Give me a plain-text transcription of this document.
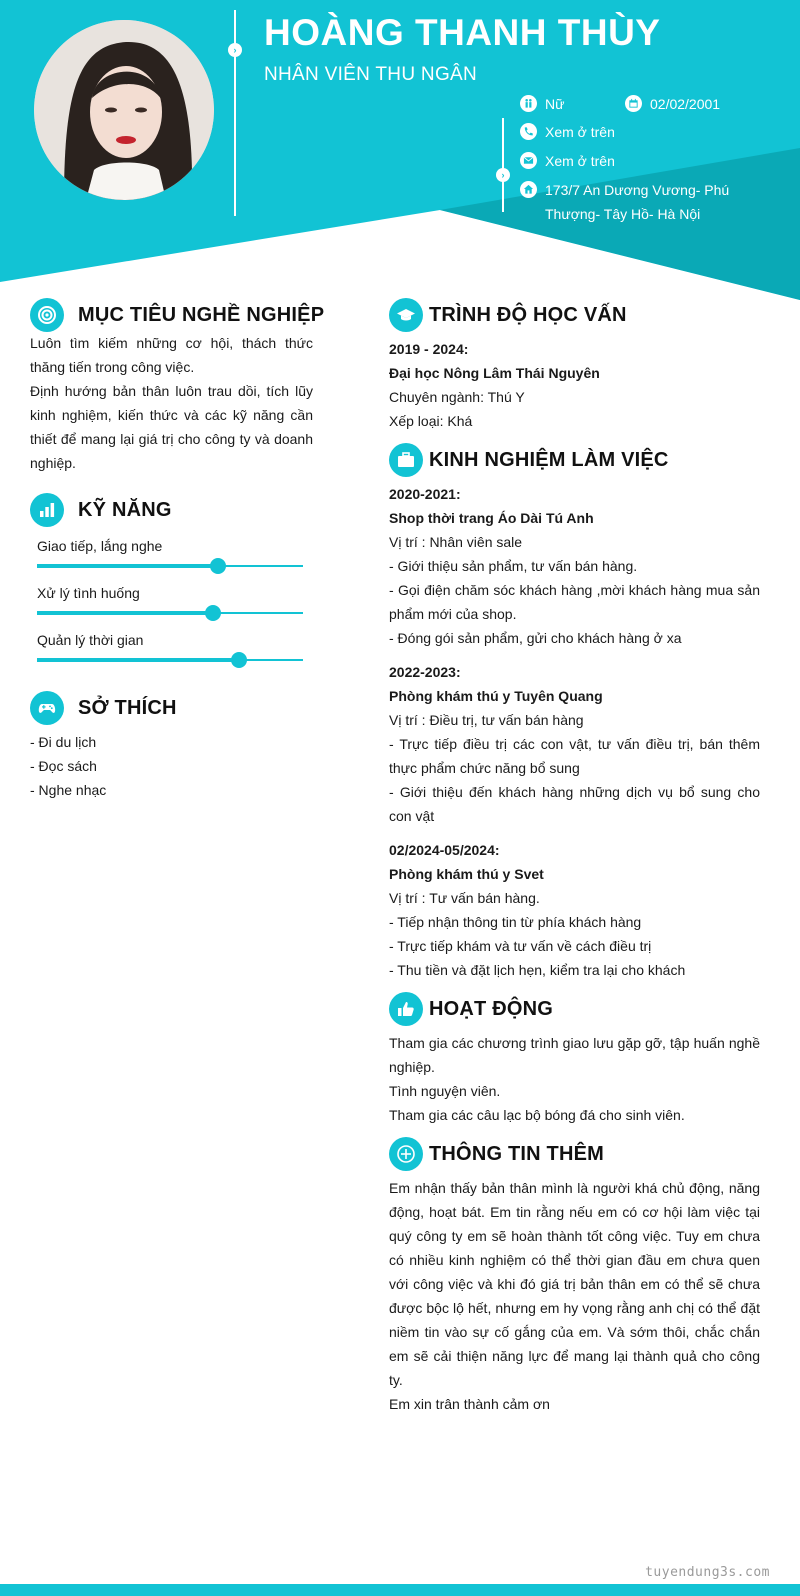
› HOÀNG THANH THÙY
NHÂN VIÊN THU NGÂN
›
Nữ	02/02/2001
Xem ở trên
Xem ở trên
173/7 An Dương Vương- Phú
Thượng- Tây Hồ- Hà Nội
MỤC TIÊU NGHỀ NGHIỆP
Luôn tìm kiếm những cơ hội, thách thức thăng tiến trong công việc.
Định hướng bản thân luôn trau dồi, tích lũy kinh nghiệm, kiến thức và các kỹ năng cần thiết để mang lại giá trị cho công ty và doanh nghiệp.
KỸ NĂNG
Giao tiếp, lắng nghe
Xử lý tình huống
Quản lý thời gian
SỞ THÍCH
- Đi du lịch
- Đọc sách
- Nghe nhạc
TRÌNH ĐỘ HỌC VẤN
2019 - 2024:
Đại học Nông Lâm Thái Nguyên
Chuyên ngành: Thú Y
Xếp loại: Khá
KINH NGHIỆM LÀM VIỆC
2020-2021:
Shop thời trang Áo Dài Tú Anh
Vị trí : Nhân viên sale
- Giới thiệu sản phẩm, tư vấn bán hàng.
- Gọi điện chăm sóc khách hàng ,mời khách hàng mua sản phẩm mới của shop.
- Đóng gói sản phẩm, gửi cho khách hàng ở xa
2022-2023:
Phòng khám thú y Tuyên Quang
Vị trí : Điều trị, tư vấn bán hàng
- Trực tiếp điều trị các con vật, tư vấn điều trị, bán thêm thực phẩm chức năng bổ sung
- Giới thiệu đến khách hàng những dịch vụ bổ sung cho con vật
02/2024-05/2024:
Phòng khám thú y Svet
Vị trí : Tư vấn bán hàng.
- Tiếp nhận thông tin từ phía khách hàng
- Trực tiếp khám và tư vấn về cách điều trị
- Thu tiền và đặt lịch hẹn, kiểm tra lại cho khách
HOẠT ĐỘNG
Tham gia các chương trình giao lưu gặp gỡ, tập huấn nghề nghiệp.
Tình nguyện viên.
Tham gia các câu lạc bộ bóng đá cho sinh viên.
THÔNG TIN THÊM
Em nhận thấy bản thân mình là người khá chủ động, năng động, hoạt bát. Em tin rằng nếu em có cơ hội làm việc tại quý công ty em sẽ hoàn thành tốt công việc. Tuy em chưa có nhiều kinh nghiệm có thể thời gian đầu em chưa quen với công việc và khi đó giá trị bản thân em có thể sẽ chưa được bộc lộ hết, nhưng em hy vọng rằng anh chị có thể đặt niềm tin vào sự cố gắng của em. Và sớm thôi, chắc chắn em sẽ cải thiện năng lực để mang lại thành quả cho công ty.
Em xin trân thành cảm ơn
tuyendung3s.com
